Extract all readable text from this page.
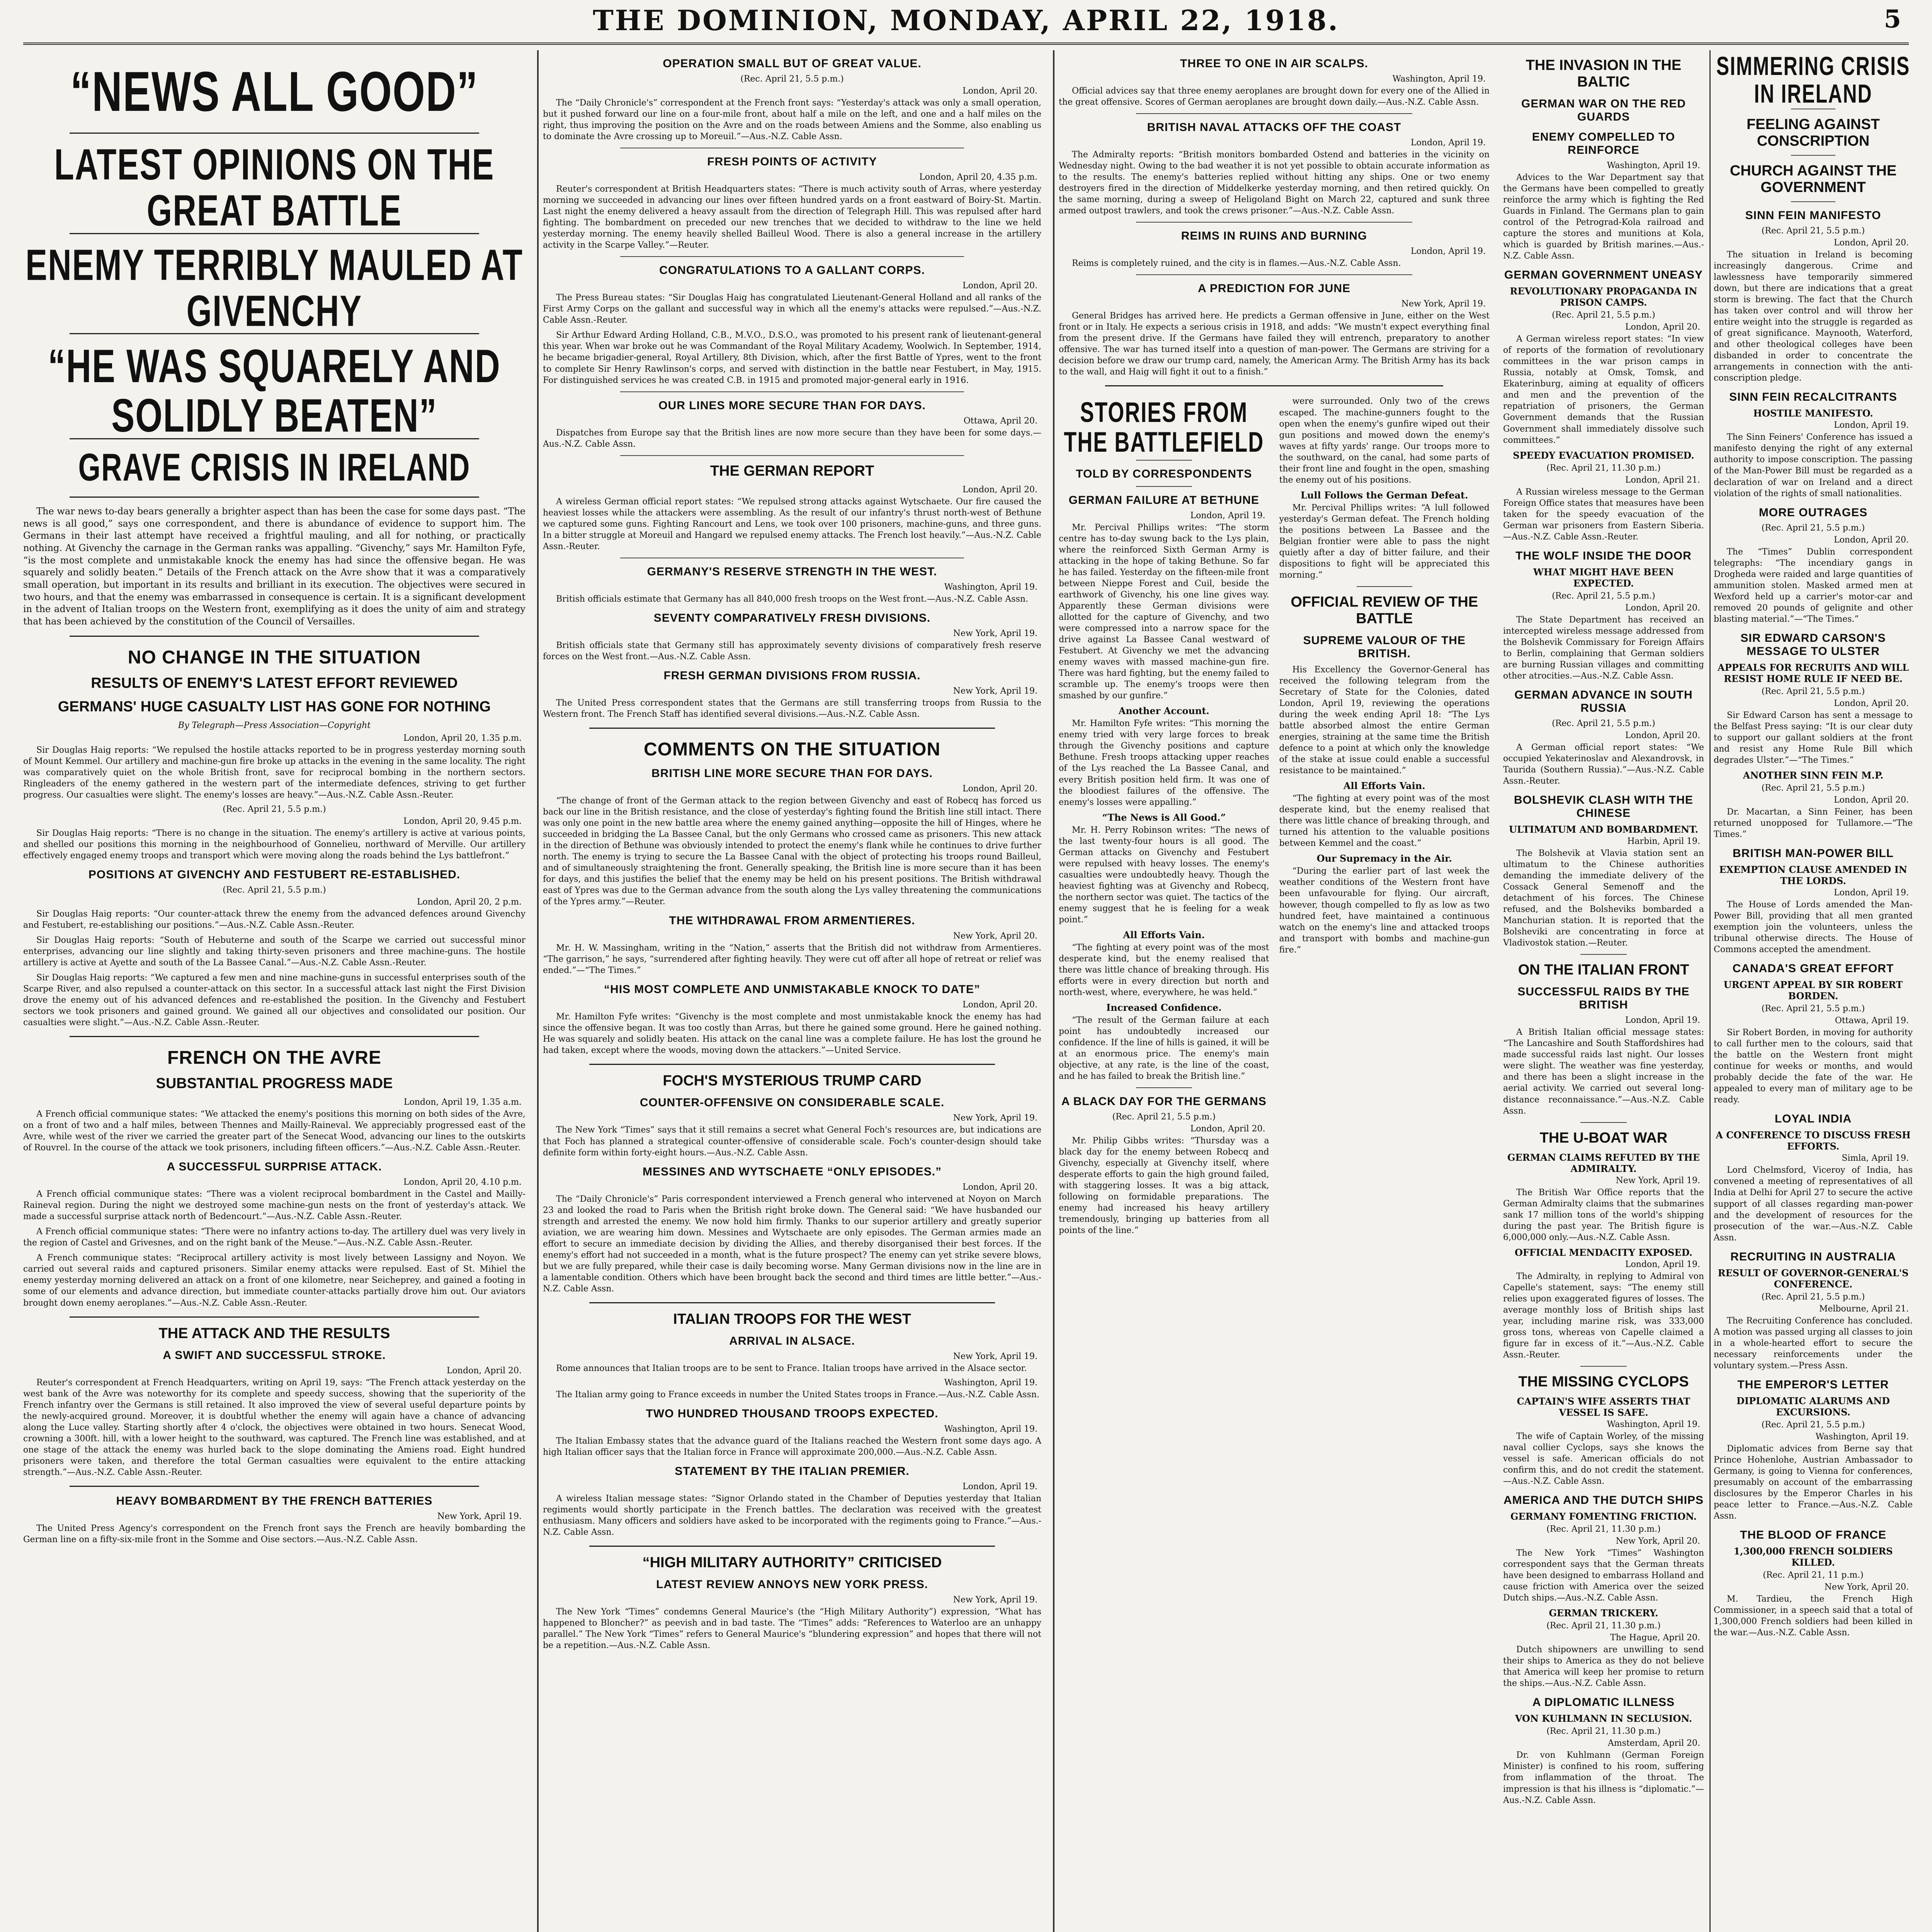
THE DOMINION, MONDAY, APRIL 22, 1918.	5
“NEWS ALL GOOD”
LATEST OPINIONS ON THE GREAT BATTLE
ENEMY TERRIBLY MAULED AT GIVENCHY
“HE WAS SQUARELY AND SOLIDLY BEATEN”
GRAVE CRISIS IN IRELAND

The war news to-day bears generally a brighter aspect than has been the case for some days past. “The news is all good,” says one correspondent, and there is abundance of evidence to support him. The Germans in their last attempt have received a frightful mauling, and all for nothing, or practically nothing. At Givenchy the carnage in the German ranks was appalling. “Givenchy,” says Mr. Hamilton Fyfe, “is the most complete and unmistakable knock the enemy has had since the offensive began. He was squarely and solidly beaten.” Details of the French attack on the Avre show that it was a comparatively small operation, but important in its results and brilliant in its execution. The objectives were secured in two hours, and that the enemy was embarrassed in consequence is certain. It is a significant development in the advent of Italian troops on the Western front, exemplifying as it does the unity of aim and strategy that has been achieved by the constitution of the Council of Versailles.

NO CHANGE IN THE SITUATION
RESULTS OF ENEMY'S LATEST EFFORT REVIEWED
GERMANS' HUGE CASUALTY LIST HAS GONE FOR NOTHING
By Telegraph—Press Association—Copyright
London, April 20, 1.35 p.m.

Sir Douglas Haig reports: “We repulsed the hostile attacks reported to be in progress yesterday morning south of Mount Kemmel. Our artillery and machine-gun fire broke up attacks in the evening in the same locality. The right was comparatively quiet on the whole British front, save for reciprocal bombing in the northern sectors. Ringleaders of the enemy gathered in the western part of the intermediate defences, striving to get further progress. Our casualties were slight. The enemy's losses are heavy.”—Aus.-N.Z. Cable Assn.-Reuter.

(Rec. April 21, 5.5 p.m.)
London, April 20, 9.45 p.m.

Sir Douglas Haig reports: “There is no change in the situation. The enemy's artillery is active at various points, and shelled our positions this morning in the neighbourhood of Gonnelieu, northward of Merville. Our artillery effectively engaged enemy troops and transport which were moving along the roads behind the Lys battlefront.”

POSITIONS AT GIVENCHY AND FESTUBERT RE-ESTABLISHED.
(Rec. April 21, 5.5 p.m.)
London, April 20, 2 p.m.

Sir Douglas Haig reports: “Our counter-attack threw the enemy from the advanced defences around Givenchy and Festubert, re-establishing our positions.”—Aus.-N.Z. Cable Assn.-Reuter.

Sir Douglas Haig reports: “South of Hebuterne and south of the Scarpe we carried out successful minor enterprises, advancing our line slightly and taking thirty-seven prisoners and three machine-guns. The hostile artillery is active at Ayette and south of the La Bassee Canal.”—Aus.-N.Z. Cable Assn.-Reuter.

Sir Douglas Haig reports: “We captured a few men and nine machine-guns in successful enterprises south of the Scarpe River, and also repulsed a counter-attack on this sector. In a successful attack last night the First Division drove the enemy out of his advanced defences and re-established the position. In the Givenchy and Festubert sectors we took prisoners and gained ground. We gained all our objectives and consolidated our position. Our casualties were slight.”—Aus.-N.Z. Cable Assn.-Reuter.

FRENCH ON THE AVRE
SUBSTANTIAL PROGRESS MADE
London, April 19, 1.35 a.m.

A French official communique states: “We attacked the enemy's positions this morning on both sides of the Avre, on a front of two and a half miles, between Thennes and Mailly-Raineval. We appreciably progressed east of the Avre, while west of the river we carried the greater part of the Senecat Wood, advancing our lines to the outskirts of Rouvrel. In the course of the attack we took prisoners, including fifteen officers.”—Aus.-N.Z. Cable Assn.-Reuter.

A SUCCESSFUL SURPRISE ATTACK.
London, April 20, 4.10 p.m.

A French official communique states: “There was a violent reciprocal bombardment in the Castel and Mailly-Raineval region. During the night we destroyed some machine-gun nests on the front of yesterday's attack. We made a successful surprise attack north of Bedencourt.”—Aus.-N.Z. Cable Assn.-Reuter.

A French official communique states: “There were no infantry actions to-day. The artillery duel was very lively in the region of Castel and Grivesnes, and on the right bank of the Meuse.”—Aus.-N.Z. Cable Assn.-Reuter.

A French communique states: “Reciprocal artillery activity is most lively between Lassigny and Noyon. We carried out several raids and captured prisoners. Similar enemy attacks were repulsed. East of St. Mihiel the enemy yesterday morning delivered an attack on a front of one kilometre, near Seicheprey, and gained a footing in some of our elements and advance direction, but immediate counter-attacks partially drove him out. Our aviators brought down enemy aeroplanes.”—Aus.-N.Z. Cable Assn.-Reuter.

THE ATTACK AND THE RESULTS
A SWIFT AND SUCCESSFUL STROKE.
London, April 20.

Reuter's correspondent at French Headquarters, writing on April 19, says: “The French attack yesterday on the west bank of the Avre was noteworthy for its complete and speedy success, showing that the superiority of the French infantry over the Germans is still retained. It also improved the view of several useful departure points by the newly-acquired ground. Moreover, it is doubtful whether the enemy will again have a chance of advancing along the Luce valley. Starting shortly after 4 o'clock, the objectives were obtained in two hours. Senecat Wood, crowning a 300ft. hill, with a lower height to the southward, was captured. The French line was established, and at one stage of the attack the enemy was hurled back to the slope dominating the Amiens road. Eight hundred prisoners were taken, and therefore the total German casualties were equivalent to the entire attacking strength.”—Aus.-N.Z. Cable Assn.-Reuter.

HEAVY BOMBARDMENT BY THE FRENCH BATTERIES
New York, April 19.

The United Press Agency's correspondent on the French front says the French are heavily bombarding the German line on a fifty-six-mile front in the Somme and Oise sectors.—Aus.-N.Z. Cable Assn.

OPERATION SMALL BUT OF GREAT VALUE.
(Rec. April 21, 5.5 p.m.)
London, April 20.

The “Daily Chronicle's” correspondent at the French front says: “Yesterday's attack was only a small operation, but it pushed forward our line on a four-mile front, about half a mile on the left, and one and a half miles on the right, thus improving the position on the Avre and on the roads between Amiens and the Somme, also enabling us to dominate the Avre crossing up to Moreuil.”—Aus.-N.Z. Cable Assn.

FRESH POINTS OF ACTIVITY
London, April 20, 4.35 p.m.

Reuter's correspondent at British Headquarters states: “There is much activity south of Arras, where yesterday morning we succeeded in advancing our lines over fifteen hundred yards on a front eastward of Boiry-St. Martin. Last night the enemy delivered a heavy assault from the direction of Telegraph Hill. This was repulsed after hard fighting. The bombardment on preceded our new trenches that we decided to withdraw to the line we held yesterday morning. The enemy heavily shelled Bailleul Wood. There is also a general increase in the artillery activity in the Scarpe Valley.”—Reuter.

CONGRATULATIONS TO A GALLANT CORPS.
London, April 20.

The Press Bureau states: “Sir Douglas Haig has congratulated Lieutenant-General Holland and all ranks of the First Army Corps on the gallant and successful way in which all the enemy's attacks were repulsed.”—Aus.-N.Z. Cable Assn.-Reuter.

Sir Arthur Edward Arding Holland, C.B., M.V.O., D.S.O., was promoted to his present rank of lieutenant-general this year. When war broke out he was Commandant of the Royal Military Academy, Woolwich. In September, 1914, he became brigadier-general, Royal Artillery, 8th Division, which, after the first Battle of Ypres, went to the front to complete Sir Henry Rawlinson's corps, and served with distinction in the battle near Festubert, in May, 1915. For distinguished services he was created C.B. in 1915 and promoted major-general early in 1916.

OUR LINES MORE SECURE THAN FOR DAYS.
Ottawa, April 20.

Dispatches from Europe say that the British lines are now more secure than they have been for some days.—Aus.-N.Z. Cable Assn.

THE GERMAN REPORT
London, April 20.

A wireless German official report states: “We repulsed strong attacks against Wytschaete. Our fire caused the heaviest losses while the attackers were assembling. As the result of our infantry's thrust north-west of Bethune we captured some guns. Fighting Rancourt and Lens, we took over 100 prisoners, machine-guns, and three guns. In a bitter struggle at Moreuil and Hangard we repulsed enemy attacks. The French lost heavily.”—Aus.-N.Z. Cable Assn.-Reuter.

GERMANY'S RESERVE STRENGTH IN THE WEST.
Washington, April 19.

British officials estimate that Germany has all 840,000 fresh troops on the West front.—Aus.-N.Z. Cable Assn.

SEVENTY COMPARATIVELY FRESH DIVISIONS.
New York, April 19.

British officials state that Germany still has approximately seventy divisions of comparatively fresh reserve forces on the West front.—Aus.-N.Z. Cable Assn.

FRESH GERMAN DIVISIONS FROM RUSSIA.
New York, April 19.

The United Press correspondent states that the Germans are still transferring troops from Russia to the Western front. The French Staff has identified several divisions.—Aus.-N.Z. Cable Assn.

COMMENTS ON THE SITUATION
BRITISH LINE MORE SECURE THAN FOR DAYS.
London, April 20.

“The change of front of the German attack to the region between Givenchy and east of Robecq has forced us back our line in the British resistance, and the close of yesterday's fighting found the British line still intact. There was only one point in the new battle area where the enemy gained anything—opposite the hill of Hinges, where he succeeded in bridging the La Bassee Canal, but the only Germans who crossed came as prisoners. This new attack in the direction of Bethune was obviously intended to protect the enemy's flank while he continues to drive further north. The enemy is trying to secure the La Bassee Canal with the object of protecting his troops round Bailleul, and of simultaneously straightening the front. Generally speaking, the British line is more secure than it has been for days, and this justifies the belief that the enemy may be held on his present positions. The British withdrawal east of Ypres was due to the German advance from the south along the Lys valley threatening the communications of the Ypres army.”—Reuter.

THE WITHDRAWAL FROM ARMENTIERES.
New York, April 20.

Mr. H. W. Massingham, writing in the “Nation,” asserts that the British did not withdraw from Armentieres. “The garrison,” he says, “surrendered after fighting heavily. They were cut off after all hope of retreat or relief was ended.”—“The Times.”

“HIS MOST COMPLETE AND UNMISTAKABLE KNOCK TO DATE”
London, April 20.

Mr. Hamilton Fyfe writes: “Givenchy is the most complete and most unmistakable knock the enemy has had since the offensive began. It was too costly than Arras, but there he gained some ground. Here he gained nothing. He was squarely and solidly beaten. His attack on the canal line was a complete failure. He has lost the ground he had taken, except where the woods, moving down the attackers.”—United Service.

FOCH'S MYSTERIOUS TRUMP CARD
COUNTER-OFFENSIVE ON CONSIDERABLE SCALE.
New York, April 19.

The New York “Times” says that it still remains a secret what General Foch's resources are, but indications are that Foch has planned a strategical counter-offensive of considerable scale. Foch's counter-design should take definite form within forty-eight hours.—Aus.-N.Z. Cable Assn.

MESSINES AND WYTSCHAETE “ONLY EPISODES.”
London, April 20.

The “Daily Chronicle's” Paris correspondent interviewed a French general who intervened at Noyon on March 23 and looked the road to Paris when the British right broke down. The General said: “We have husbanded our strength and arrested the enemy. We now hold him firmly. Thanks to our superior artillery and greatly superior aviation, we are wearing him down. Messines and Wytschaete are only episodes. The German armies made an effort to secure an immediate decision by dividing the Allies, and thereby disorganised their best forces. If the enemy's effort had not succeeded in a month, what is the future prospect? The enemy can yet strike severe blows, but we are fully prepared, while their case is daily becoming worse. Many German divisions now in the line are in a lamentable condition. Others which have been brought back the second and third times are little better.”—Aus.-N.Z. Cable Assn.

ITALIAN TROOPS FOR THE WEST
ARRIVAL IN ALSACE.
New York, April 19.

Rome announces that Italian troops are to be sent to France. Italian troops have arrived in the Alsace sector.

Washington, April 19.

The Italian army going to France exceeds in number the United States troops in France.—Aus.-N.Z. Cable Assn.

TWO HUNDRED THOUSAND TROOPS EXPECTED.
Washington, April 19.

The Italian Embassy states that the advance guard of the Italians reached the Western front some days ago. A high Italian officer says that the Italian force in France will approximate 200,000.—Aus.-N.Z. Cable Assn.

STATEMENT BY THE ITALIAN PREMIER.
London, April 19.

A wireless Italian message states: “Signor Orlando stated in the Chamber of Deputies yesterday that Italian regiments would shortly participate in the French battles. The declaration was received with the greatest enthusiasm. Many officers and soldiers have asked to be incorporated with the regiments going to France.”—Aus.-N.Z. Cable Assn.

“HIGH MILITARY AUTHORITY” CRITICISED
LATEST REVIEW ANNOYS NEW YORK PRESS.
New York, April 19.

The New York “Times” condemns General Maurice's (the “High Military Authority”) expression, “What has happened to Bloncher?” as peevish and in bad taste. The “Times” adds: “References to Waterloo are an unhappy parallel.” The New York “Times” refers to General Maurice's “blundering expression” and hopes that there will not be a repetition.—Aus.-N.Z. Cable Assn.

THREE TO ONE IN AIR SCALPS.
Washington, April 19.

Official advices say that three enemy aeroplanes are brought down for every one of the Allied in the great offensive. Scores of German aeroplanes are brought down daily.—Aus.-N.Z. Cable Assn.

BRITISH NAVAL ATTACKS OFF THE COAST
London, April 19.

The Admiralty reports: “British monitors bombarded Ostend and batteries in the vicinity on Wednesday night. Owing to the bad weather it is not yet possible to obtain accurate information as to the results. The enemy's batteries replied without hitting any ships. One or two enemy destroyers fired in the direction of Middelkerke yesterday morning, and then retired quickly. On the same morning, during a sweep of Heligoland Bight on March 22, captured and sunk three armed outpost trawlers, and took the crews prisoner.”—Aus.-N.Z. Cable Assn.

REIMS IN RUINS AND BURNING
London, April 19.

Reims is completely ruined, and the city is in flames.—Aus.-N.Z. Cable Assn.

A PREDICTION FOR JUNE
New York, April 19.

General Bridges has arrived here. He predicts a German offensive in June, either on the West front or in Italy. He expects a serious crisis in 1918, and adds: “We mustn't expect everything final from the present drive. If the Germans have failed they will entrench, preparatory to another offensive. The war has turned itself into a question of man-power. The Germans are striving for a decision before we draw our trump card, namely, the American Army. The British Army has its back to the wall, and Haig will fight it out to a finish.”

STORIES FROM THE BATTLEFIELD
TOLD BY CORRESPONDENTS
GERMAN FAILURE AT BETHUNE
London, April 19.

Mr. Percival Phillips writes: “The storm centre has to-day swung back to the Lys plain, where the reinforced Sixth German Army is attacking in the hope of taking Bethune. So far he has failed. Yesterday on the fifteen-mile front between Nieppe Forest and Cuil, beside the earthwork of Givenchy, his one line gives way. Apparently these German divisions were allotted for the capture of Givenchy, and two were compressed into a narrow space for the drive against La Bassee Canal westward of Festubert. At Givenchy we met the advancing enemy waves with massed machine-gun fire. There was hard fighting, but the enemy failed to scramble up. The enemy's troops were then smashed by our gunfire.”

Another Account.

Mr. Hamilton Fyfe writes: “This morning the enemy tried with very large forces to break through the Givenchy positions and capture Bethune. Fresh troops attacking upper reaches of the Lys reached the La Bassee Canal, and every British position held firm. It was one of the bloodiest failures of the offensive. The enemy's losses were appalling.”

“The News is All Good.”

Mr. H. Perry Robinson writes: “The news of the last twenty-four hours is all good. The German attacks on Givenchy and Festubert were repulsed with heavy losses. The enemy's casualties were undoubtedly heavy. Though the heaviest fighting was at Givenchy and Robecq, the northern sector was quiet. The tactics of the enemy suggest that he is feeling for a weak point.”

All Efforts Vain.

“The fighting at every point was of the most desperate kind, but the enemy realised that there was little chance of breaking through. His efforts were in every direction but north and north-west, where, everywhere, he was held.”

Increased Confidence.

“The result of the German failure at each point has undoubtedly increased our confidence. If the line of hills is gained, it will be at an enormous price. The enemy's main objective, at any rate, is the line of the coast, and he has failed to break the British line.”

A BLACK DAY FOR THE GERMANS
(Rec. April 21, 5.5 p.m.)
London, April 20.

Mr. Philip Gibbs writes: “Thursday was a black day for the enemy between Robecq and Givenchy, especially at Givenchy itself, where desperate efforts to gain the high ground failed, with staggering losses. It was a big attack, following on formidable preparations. The enemy had increased his heavy artillery tremendously, bringing up batteries from all points of the line.”

were surrounded. Only two of the crews escaped. The machine-gunners fought to the open when the enemy's gunfire wiped out their gun positions and mowed down the enemy's waves at fifty yards' range. Our troops more to the southward, on the canal, had some parts of their front line and fought in the open, smashing the enemy out of his positions.

Lull Follows the German Defeat.

Mr. Percival Phillips writes: “A lull followed yesterday's German defeat. The French holding the positions between La Bassee and the Belgian frontier were able to pass the night quietly after a day of bitter failure, and their dispositions to fight will be appreciated this morning.”

OFFICIAL REVIEW OF THE BATTLE
SUPREME VALOUR OF THE BRITISH.

His Excellency the Governor-General has received the following telegram from the Secretary of State for the Colonies, dated London, April 19, reviewing the operations during the week ending April 18: “The Lys battle absorbed almost the entire German energies, straining at the same time the British defence to a point at which only the knowledge of the stake at issue could enable a successful resistance to be maintained.”

All Efforts Vain.

“The fighting at every point was of the most desperate kind, but the enemy realised that there was little chance of breaking through, and turned his attention to the valuable positions between Kemmel and the coast.”

Our Supremacy in the Air.

“During the earlier part of last week the weather conditions of the Western front have been unfavourable for flying. Our aircraft, however, though compelled to fly as low as two hundred feet, have maintained a continuous watch on the enemy's line and attacked troops and transport with bombs and machine-gun fire.”

THE INVASION IN THE BALTIC
GERMAN WAR ON THE RED GUARDS
ENEMY COMPELLED TO REINFORCE
Washington, April 19.

Advices to the War Department say that the Germans have been compelled to greatly reinforce the army which is fighting the Red Guards in Finland. The Germans plan to gain control of the Petrograd-Kola railroad and capture the stores and munitions at Kola, which is guarded by British marines.—Aus.-N.Z. Cable Assn.

GERMAN GOVERNMENT UNEASY
REVOLUTIONARY PROPAGANDA IN PRISON CAMPS.
(Rec. April 21, 5.5 p.m.)
London, April 20.

A German wireless report states: “In view of reports of the formation of revolutionary committees in the war prison camps in Russia, notably at Omsk, Tomsk, and Ekaterinburg, aiming at equality of officers and men and the prevention of the repatriation of prisoners, the German Government demands that the Russian Government shall immediately dissolve such committees.”

SPEEDY EVACUATION PROMISED.
(Rec. April 21, 11.30 p.m.)
London, April 21.

A Russian wireless message to the German Foreign Office states that measures have been taken for the speedy evacuation of the German war prisoners from Eastern Siberia.—Aus.-N.Z. Cable Assn.-Reuter.

THE WOLF INSIDE THE DOOR
WHAT MIGHT HAVE BEEN EXPECTED.
(Rec. April 21, 5.5 p.m.)
London, April 20.

The State Department has received an intercepted wireless message addressed from the Bolshevik Commissary for Foreign Affairs to Berlin, complaining that German soldiers are burning Russian villages and committing other atrocities.—Aus.-N.Z. Cable Assn.

GERMAN ADVANCE IN SOUTH RUSSIA
(Rec. April 21, 5.5 p.m.)
London, April 20.

A German official report states: “We occupied Yekaterinoslav and Alexandrovsk, in Taurida (Southern Russia).”—Aus.-N.Z. Cable Assn.-Reuter.

BOLSHEVIK CLASH WITH THE CHINESE
ULTIMATUM AND BOMBARDMENT.
Harbin, April 19.

The Bolshevik at Vlavia station sent an ultimatum to the Chinese authorities demanding the immediate delivery of the Cossack General Semenoff and the detachment of his forces. The Chinese refused, and the Bolsheviks bombarded a Manchurian station. It is reported that the Bolsheviki are concentrating in force at Vladivostok station.—Reuter.

ON THE ITALIAN FRONT
SUCCESSFUL RAIDS BY THE BRITISH
London, April 19.

A British Italian official message states: “The Lancashire and South Staffordshires had made successful raids last night. Our losses were slight. The weather was fine yesterday, and there has been a slight increase in the aerial activity. We carried out several long-distance reconnaissance.”—Aus.-N.Z. Cable Assn.

THE U-BOAT WAR
GERMAN CLAIMS REFUTED BY THE ADMIRALTY.
New York, April 19.

The British War Office reports that the German Admiralty claims that the submarines sank 17 million tons of the world's shipping during the past year. The British figure is 6,000,000 only.—Aus.-N.Z. Cable Assn.

OFFICIAL MENDACITY EXPOSED.
London, April 19.

The Admiralty, in replying to Admiral von Capelle's statement, says: “The enemy still relies upon exaggerated figures of losses. The average monthly loss of British ships last year, including marine risk, was 333,000 gross tons, whereas von Capelle claimed a figure far in excess of it.”—Aus.-N.Z. Cable Assn.-Reuter.

THE MISSING CYCLOPS
CAPTAIN'S WIFE ASSERTS THAT VESSEL IS SAFE.
Washington, April 19.

The wife of Captain Worley, of the missing naval collier Cyclops, says she knows the vessel is safe. American officials do not confirm this, and do not credit the statement.—Aus.-N.Z. Cable Assn.

AMERICA AND THE DUTCH SHIPS
GERMANY FOMENTING FRICTION.
(Rec. April 21, 11.30 p.m.)
New York, April 20.

The New York “Times” Washington correspondent says that the German threats have been designed to embarrass Holland and cause friction with America over the seized Dutch ships.—Aus.-N.Z. Cable Assn.

GERMAN TRICKERY.
(Rec. April 21, 11.30 p.m.)
The Hague, April 20.

Dutch shipowners are unwilling to send their ships to America as they do not believe that America will keep her promise to return the ships.—Aus.-N.Z. Cable Assn.

A DIPLOMATIC ILLNESS
VON KUHLMANN IN SECLUSION.
(Rec. April 21, 11.30 p.m.)
Amsterdam, April 20.

Dr. von Kuhlmann (German Foreign Minister) is confined to his room, suffering from inflammation of the throat. The impression is that his illness is “diplomatic.”—Aus.-N.Z. Cable Assn.

SIMMERING CRISIS IN IRELAND
FEELING AGAINST CONSCRIPTION
CHURCH AGAINST THE GOVERNMENT
SINN FEIN MANIFESTO
(Rec. April 21, 5.5 p.m.)
London, April 20.

The situation in Ireland is becoming increasingly dangerous. Crime and lawlessness have temporarily simmered down, but there are indications that a great storm is brewing. The fact that the Church has taken over control and will throw her entire weight into the struggle is regarded as of great significance. Maynooth, Waterford, and other theological colleges have been disbanded in order to concentrate the arrangements in connection with the anti-conscription pledge.

SINN FEIN RECALCITRANTS
HOSTILE MANIFESTO.
London, April 19.

The Sinn Feiners' Conference has issued a manifesto denying the right of any external authority to impose conscription. The passing of the Man-Power Bill must be regarded as a declaration of war on Ireland and a direct violation of the rights of small nationalities.

MORE OUTRAGES
(Rec. April 21, 5.5 p.m.)
London, April 20.

The “Times” Dublin correspondent telegraphs: “The incendiary gangs in Drogheda were raided and large quantities of ammunition stolen. Masked armed men at Wexford held up a carrier's motor-car and removed 20 pounds of gelignite and other blasting material.”—“The Times.”

SIR EDWARD CARSON'S MESSAGE TO ULSTER
APPEALS FOR RECRUITS AND WILL RESIST HOME RULE IF NEED BE.
(Rec. April 21, 5.5 p.m.)
London, April 20.

Sir Edward Carson has sent a message to the Belfast Press saying: “It is our clear duty to support our gallant soldiers at the front and resist any Home Rule Bill which degrades Ulster.”—“The Times.”

ANOTHER SINN FEIN M.P.
(Rec. April 21, 5.5 p.m.)
London, April 20.

Dr. Macartan, a Sinn Feiner, has been returned unopposed for Tullamore.—“The Times.”

BRITISH MAN-POWER BILL
EXEMPTION CLAUSE AMENDED IN THE LORDS.
London, April 19.

The House of Lords amended the Man-Power Bill, providing that all men granted exemption join the volunteers, unless the tribunal otherwise directs. The House of Commons accepted the amendment.

CANADA'S GREAT EFFORT
URGENT APPEAL BY SIR ROBERT BORDEN.
(Rec. April 21, 5.5 p.m.)
Ottawa, April 19.

Sir Robert Borden, in moving for authority to call further men to the colours, said that the battle on the Western front might continue for weeks or months, and would probably decide the fate of the war. He appealed to every man of military age to be ready.

LOYAL INDIA
A CONFERENCE TO DISCUSS FRESH EFFORTS.
Simla, April 19.

Lord Chelmsford, Viceroy of India, has convened a meeting of representatives of all India at Delhi for April 27 to secure the active support of all classes regarding man-power and the development of resources for the prosecution of the war.—Aus.-N.Z. Cable Assn.

RECRUITING IN AUSTRALIA
RESULT OF GOVERNOR-GENERAL'S CONFERENCE.
(Rec. April 21, 5.5 p.m.)
Melbourne, April 21.

The Recruiting Conference has concluded. A motion was passed urging all classes to join in a whole-hearted effort to secure the necessary reinforcements under the voluntary system.—Press Assn.

THE EMPEROR'S LETTER
DIPLOMATIC ALARUMS AND EXCURSIONS.
(Rec. April 21, 5.5 p.m.)
Washington, April 19.

Diplomatic advices from Berne say that Prince Hohenlohe, Austrian Ambassador to Germany, is going to Vienna for conferences, presumably on account of the embarrassing disclosures by the Emperor Charles in his peace letter to France.—Aus.-N.Z. Cable Assn.

THE BLOOD OF FRANCE
1,300,000 FRENCH SOLDIERS KILLED.
(Rec. April 21, 11 p.m.)
New York, April 20.

M. Tardieu, the French High Commissioner, in a speech said that a total of 1,300,000 French soldiers had been killed in the war.—Aus.-N.Z. Cable Assn.
